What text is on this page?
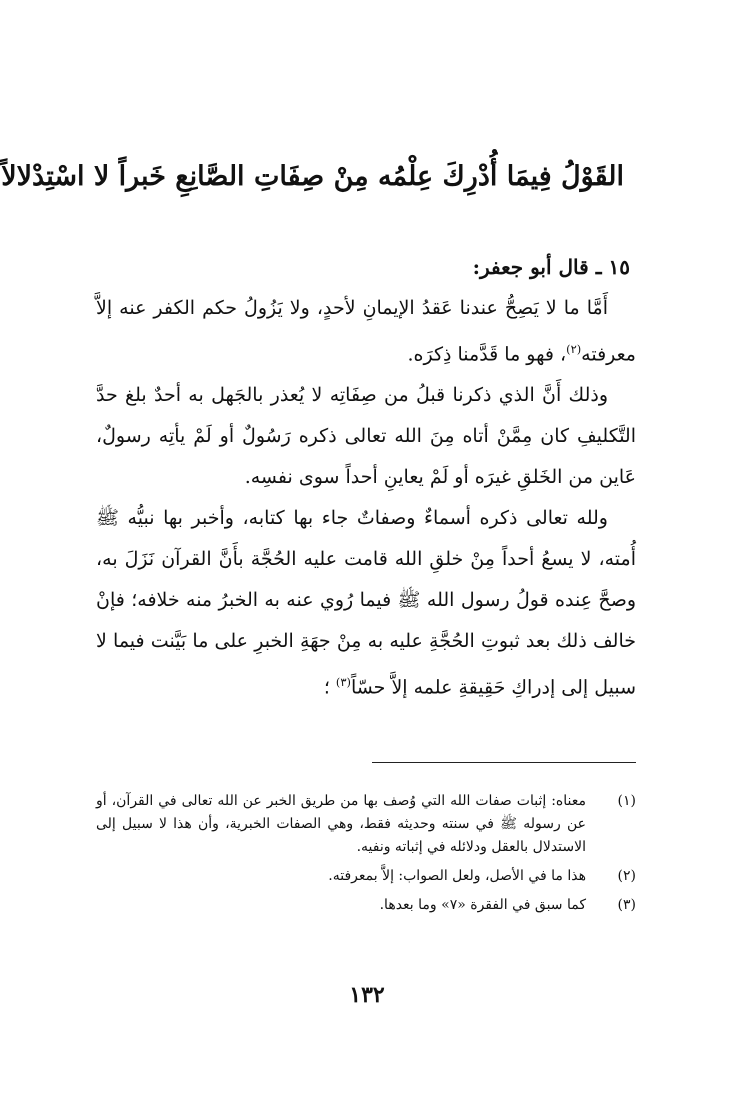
القَوْلُ فِيمَا أُدْرِكَ عِلْمُه مِنْ صِفَاتِ الصَّانِعِ خَبراً لا اسْتِدْلالاً

١٥ ـ قال أبو جعفر:

أَمَّا ما لا يَصِحُّ عندنا عَقدُ الإيمانِ لأحدٍ، ولا يَزُولُ حكم الكفر عنه إلاَّ معرفته$^{(٢)}$، فهو ما قَدَّمنا ذِكرَه.

وذلك أَنَّ الذي ذكرنا قبلُ من صِفَاتِه لا يُعذر بالجَهل به أحدٌ بلغ حدَّ التَّكليفِ كان مِمَّنْ أتاه مِنَ الله تعالى ذكره رَسُولٌ أو لَمْ يأتِه رسولٌ، عَاين من الخَلقِ غيرَه أو لَمْ يعاينِ أحداً سوى نفسِه.

ولله تعالى ذكره أسماءٌ وصفاتٌ جاء بها كتابه، وأخبر بها نبيُّه ﷺ أُمته، لا يسعُ أحداً مِنْ خلقِ الله قامت عليه الحُجَّة بأَنَّ القرآن نَزَلَ به، وصحَّ عِنده قولُ رسول الله ﷺ فيما رُوي عنه به الخبرُ منه خلافه؛ فإنْ خالف ذلك بعد ثبوتِ الحُجَّةِ عليه به مِنْ جهَةِ الخبرِ على ما بَيَّنت فيما لا سبيل إلى إدراكِ حَقِيقةِ علمه إلاَّ حسّاً$^{(٣)}$ ؛

(١)
معناه: إثبات صفات الله التي وُصف بها من طريق الخبر عن الله تعالى في القرآن، أو عن رسوله ﷺ في سنته وحديثه فقط، وهي الصفات الخبرية، وأن هذا لا سبيل إلى الاستدلال بالعقل ودلائله في إثباته ونفيه.
(٢)
هذا ما في الأصل، ولعل الصواب: إلاَّ بمعرفته.
(٣)
كما سبق في الفقرة «٧» وما بعدها.
١٣٢
